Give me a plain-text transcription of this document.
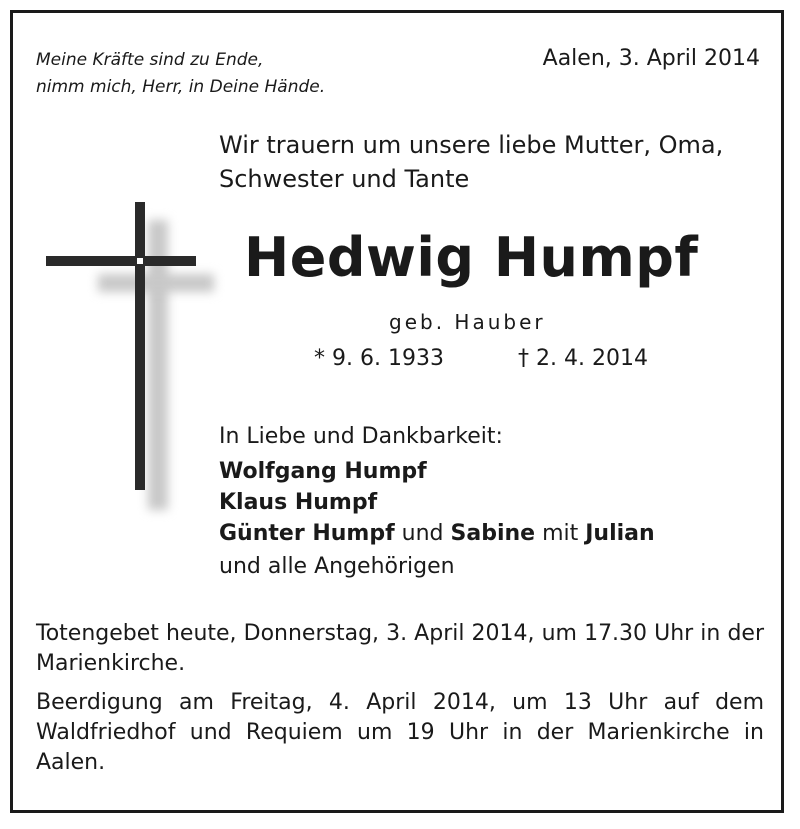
Meine Kräfte sind zu Ende,
nimm mich, Herr, in Deine Hände.
Aalen, 3. April 2014
Wir trauern um unsere liebe Mutter, Oma,
Schwester und Tante
Hedwig Humpf
geb. Hauber
* 9. 6. 1933	† 2. 4. 2014
In Liebe und Dankbarkeit:
Wolfgang Humpf
Klaus Humpf
Günter Humpf und Sabine mit Julian
und alle Angehörigen
Totengebet heute, Donnerstag, 3. April 2014, um 17.30 Uhr in der Marienkirche.
Beerdigung am Freitag, 4. April 2014, um 13 Uhr auf dem Waldfriedhof und Requiem um 19 Uhr in der Marienkirche in Aalen.
